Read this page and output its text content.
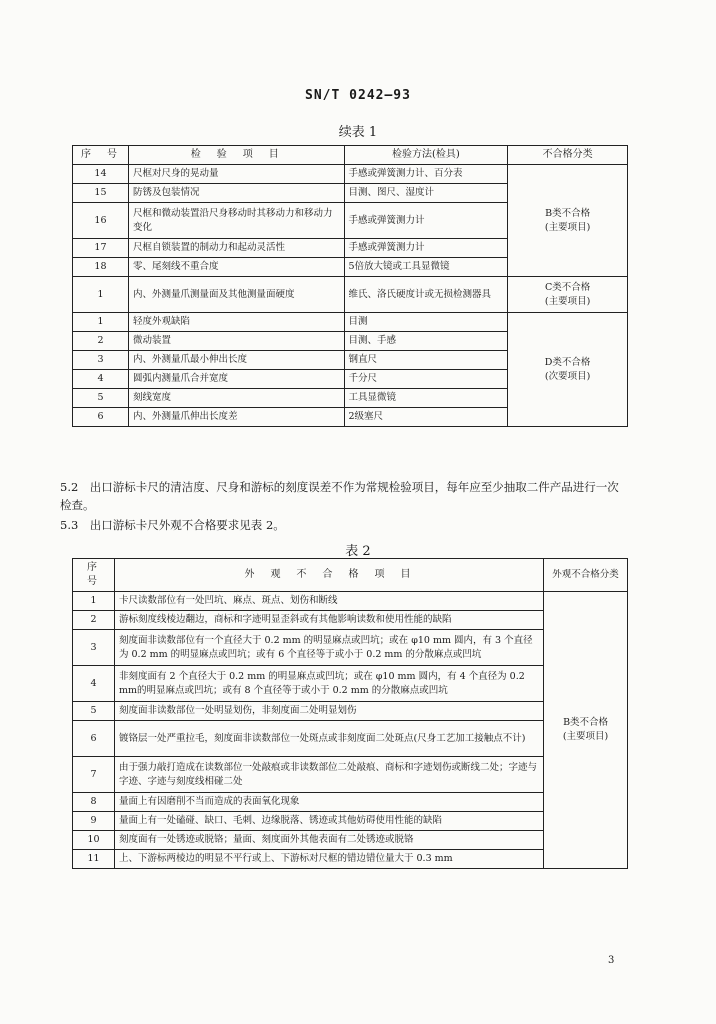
SN/T 0242—93
续表 1
序　号	检　验　项　目	检验方法(检具)	不合格分类
14	尺框对尺身的晃动量	手感或弹簧测力计、百分表	B类不合格
(主要项目)
15	防锈及包装情况	目测、图尺、湿度计	
16	尺框和微动装置沿尺身移动时其移动力和移动力变化	手感或弹簧测力计	
17	尺框自锁装置的制动力和起动灵活性	手感或弹簧测力计	
18	零、尾刻线不重合度	5倍放大镜或工具显微镜	
1	内、外测量爪测量面及其他测量面硬度	维氏、洛氏硬度计或无损检测器具	C类不合格
(主要项目)
1	轻度外观缺陷	目测	D类不合格
(次要项目)
2	微动装置	目测、手感	
3	内、外测量爪最小伸出长度	钢直尺	
4	圆弧内测量爪合并宽度	千分尺	
5	刻线宽度	工具显微镜	
6	内、外测量爪伸出长度差	2级塞尺	
5.2　出口游标卡尺的清洁度、尺身和游标的刻度误差不作为常规检验项目，每年应至少抽取二件产品进行一次检查。
5.3　出口游标卡尺外观不合格要求见表 2。
表 2
序　号	外　观　不　合　格　项　目	外观不合格分类
1	卡尺读数部位有一处凹坑、麻点、斑点、划伤和断线	B类不合格
(主要项目)
2	游标刻度线棱边翻边，商标和字迹明显歪斜或有其他影响读数和使用性能的缺陷	
3	刻度面非读数部位有一个直径大于 0.2 mm 的明显麻点或凹坑；或在 φ10 mm 圆内，有 3 个直径为 0.2 mm 的明显麻点或凹坑；或有 6 个直径等于或小于 0.2 mm 的分散麻点或凹坑	
4	非刻度面有 2 个直径大于 0.2 mm 的明显麻点或凹坑；或在 φ10 mm 圆内，有 4 个直径为 0.2 mm的明显麻点或凹坑；或有 8 个直径等于或小于 0.2 mm 的分散麻点或凹坑	
5	刻度面非读数部位一处明显划伤，非刻度面二处明显划伤	
6	镀铬层一处严重拉毛，刻度面非读数部位一处斑点或非刻度面二处斑点(尺身工艺加工接触点不计)	
7	由于强力敲打造成在读数部位一处敲痕或非读数部位二处敲痕、商标和字迹划伤或断线二处；字迹与字迹、字迹与刻度线相碰二处	
8	量面上有因磨削不当而造成的表面氧化现象	
9	量面上有一处磕碰、缺口、毛刺、边缘脱落、锈迹或其他妨碍使用性能的缺陷	
10	刻度面有一处锈迹或脱铬；量面、刻度面外其他表面有二处锈迹或脱铬	
11	上、下游标两棱边的明显不平行或上、下游标对尺框的错边错位量大于 0.3 mm	
3
